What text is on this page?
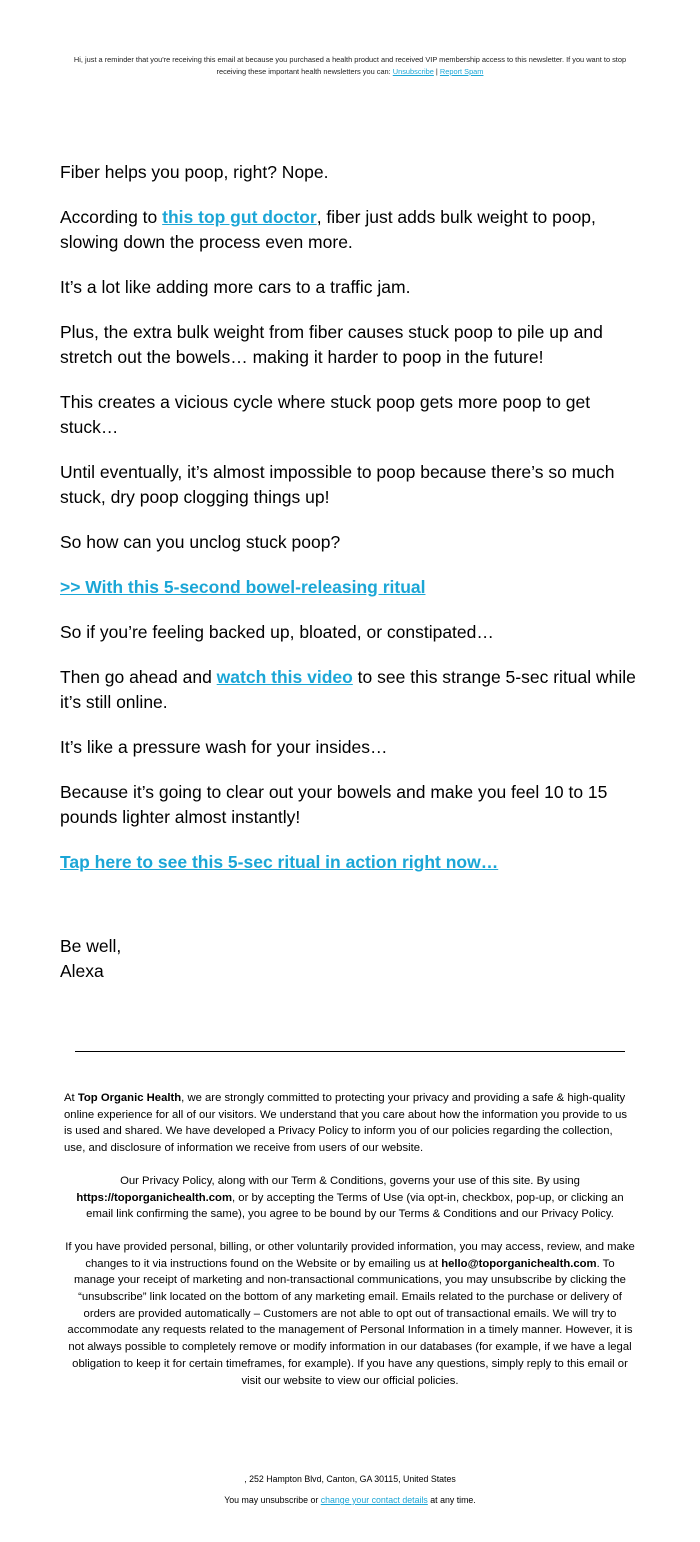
Hi, just a reminder that you're receiving this email at because you purchased a health product and received VIP membership access to this newsletter. If you want to stop receiving these important health newsletters you can: Unsubscribe | Report Spam

Fiber helps you poop, right? Nope.

According to this top gut doctor, fiber just adds bulk weight to poop, slowing down the process even more.

It’s a lot like adding more cars to a traffic jam.

Plus, the extra bulk weight from fiber causes stuck poop to pile up and stretch out the bowels… making it harder to poop in the future!

This creates a vicious cycle where stuck poop gets more poop to get stuck…

Until eventually, it’s almost impossible to poop because there’s so much stuck, dry poop clogging things up!

So how can you unclog stuck poop?

>> With this 5-second bowel-releasing ritual

So if you’re feeling backed up, bloated, or constipated…

Then go ahead and watch this video to see this strange 5-sec ritual while it’s still online.

It’s like a pressure wash for your insides…

Because it’s going to clear out your bowels and make you feel 10 to 15 pounds lighter almost instantly!

Tap here to see this 5-sec ritual in action right now…

Be well,

Alexa

At Top Organic Health, we are strongly committed to protecting your privacy and providing a safe & high-quality online experience for all of our visitors. We understand that you care about how the information you provide to us is used and shared. We have developed a Privacy Policy to inform you of our policies regarding the collection, use, and disclosure of information we receive from users of our website.

Our Privacy Policy, along with our Term & Conditions, governs your use of this site. By using https://toporganichealth.com, or by accepting the Terms of Use (via opt-in, checkbox, pop-up, or clicking an email link confirming the same), you agree to be bound by our Terms & Conditions and our Privacy Policy.

If you have provided personal, billing, or other voluntarily provided information, you may access, review, and make changes to it via instructions found on the Website or by emailing us at hello@toporganichealth.com. To manage your receipt of marketing and non-transactional communications, you may unsubscribe by clicking the “unsubscribe” link located on the bottom of any marketing email. Emails related to the purchase or delivery of orders are provided automatically – Customers are not able to opt out of transactional emails. We will try to accommodate any requests related to the management of Personal Information in a timely manner. However, it is not always possible to completely remove or modify information in our databases (for example, if we have a legal obligation to keep it for certain timeframes, for example). If you have any questions, simply reply to this email or visit our website to view our official policies.

, 252 Hampton Blvd, Canton, GA 30115, United States
You may unsubscribe or change your contact details at any time.
